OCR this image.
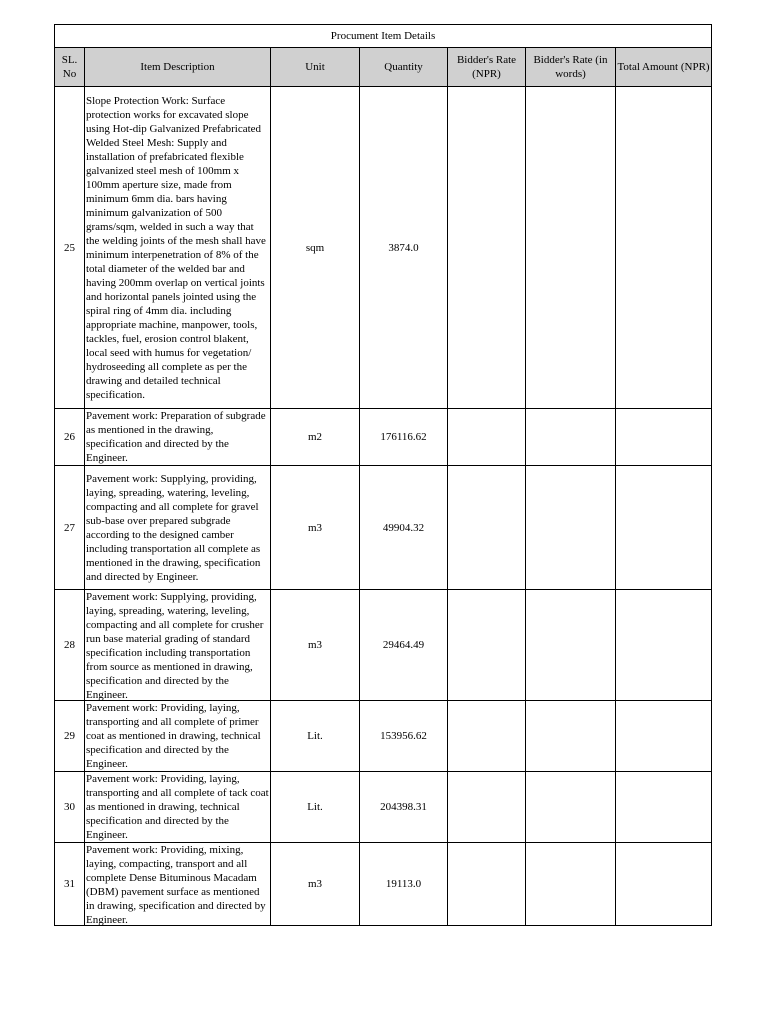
Procument Item Details						
SL. No	Item Description	Unit	Quantity	Bidder's Rate (NPR)	Bidder's Rate (in words)	Total Amount (NPR)
25	Slope Protection Work: Surface protection works for excavated slope using Hot-dip Galvanized Prefabricated Welded Steel Mesh: Supply and installation of prefabricated flexible galvanized steel mesh of 100mm x 100mm aperture size, made from minimum 6mm dia. bars having minimum galvanization of 500 grams/sqm, welded in such a way that the welding joints of the mesh shall have minimum interpenetration of 8% of the total diameter of the welded bar and having 200mm overlap on vertical joints and horizontal panels jointed using the spiral ring of 4mm dia. including appropriate machine, manpower, tools, tackles, fuel, erosion control blakent, local seed with humus for vegetation/ hydroseeding all complete as per the drawing and detailed technical specification.	sqm	3874.0			
26	Pavement work: Preparation of subgrade as mentioned in the drawing, specification and directed by the Engineer.	m2	176116.62			
27	Pavement work: Supplying, providing, laying, spreading, watering, leveling, compacting and all complete for gravel sub-base over prepared subgrade according to the designed camber including transportation all complete as mentioned in the drawing, specification and directed by Engineer.	m3	49904.32			
28	Pavement work: Supplying, providing, laying, spreading, watering, leveling, compacting and all complete for crusher run base material grading of standard specification including transportation from source as mentioned in drawing, specification and directed by the Engineer.	m3	29464.49			
29	Pavement work: Providing, laying, transporting and all complete of primer coat as mentioned in drawing, technical specification and directed by the Engineer.	Lit.	153956.62			
30	Pavement work: Providing, laying, transporting and all complete of tack coat as mentioned in drawing, technical specification and directed by the Engineer.	Lit.	204398.31			
31	Pavement work: Providing, mixing, laying, compacting, transport and all complete Dense Bituminous Macadam (DBM) pavement surface as mentioned in drawing, specification and directed by Engineer.	m3	19113.0			
